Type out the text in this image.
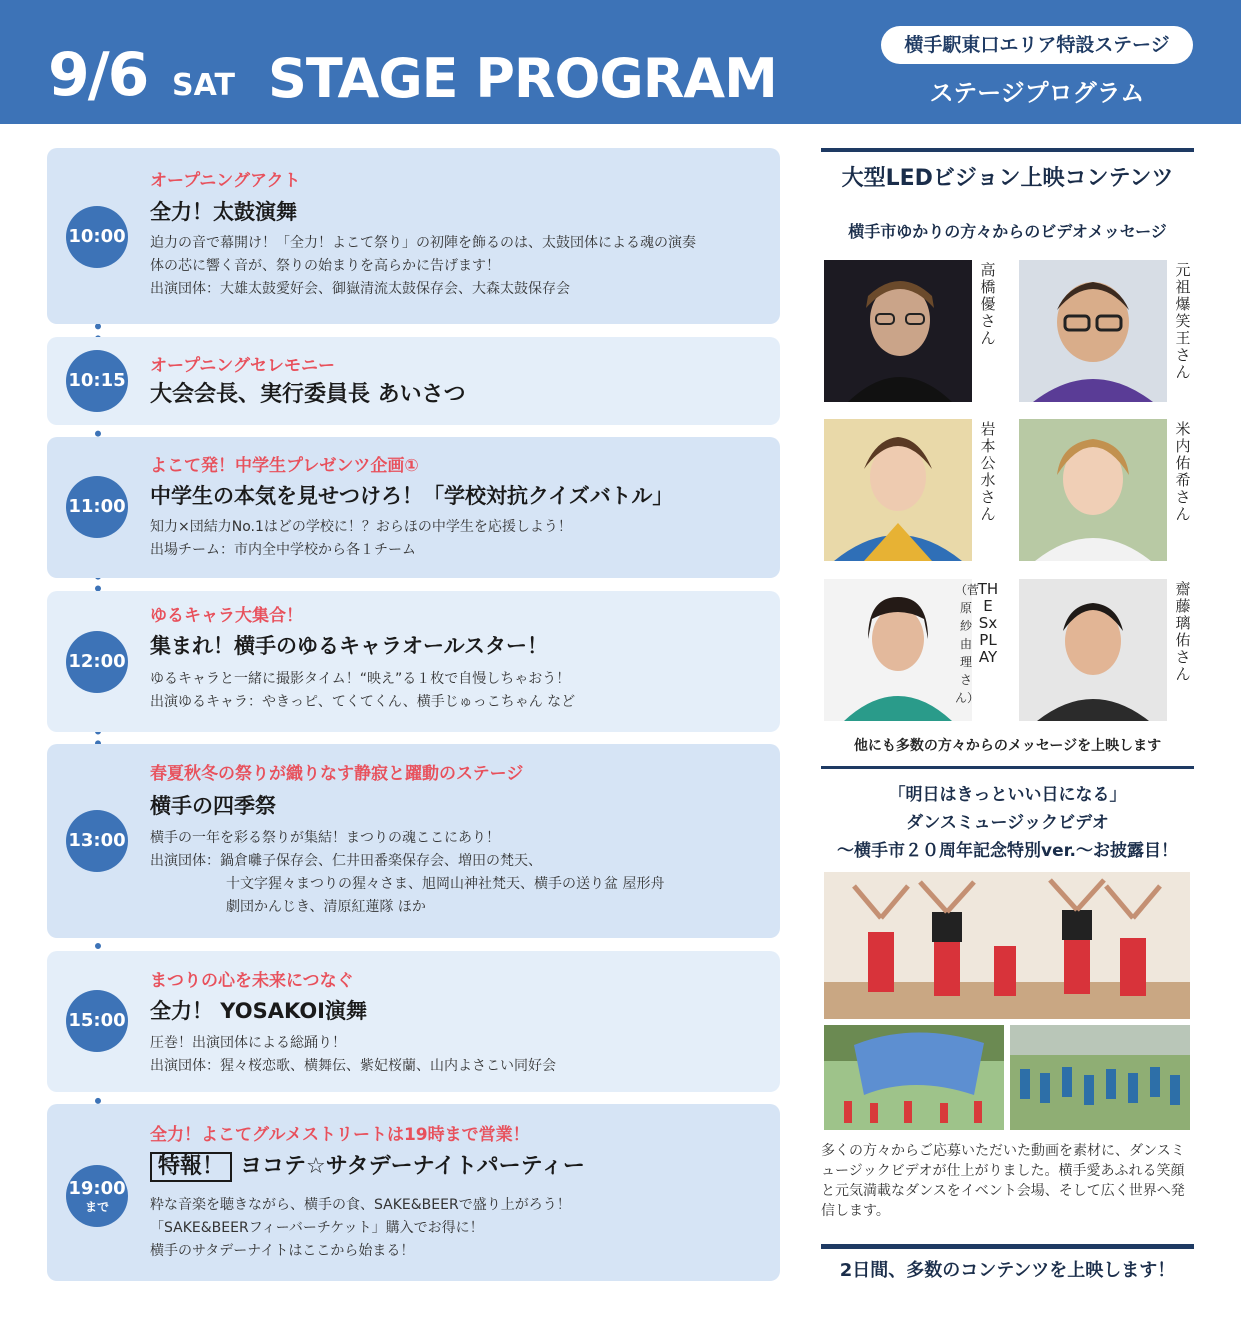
9/6 SAT STAGE PROGRAM
横手駅東口エリア特設ステージ
ステージプログラム
オープニングアクト
全力！太鼓演舞
迫力の音で幕開け！「全力！よこて祭り」の初陣を飾るのは、太鼓団体による魂の演奏
体の芯に響く音が、祭りの始まりを高らかに告げます！
出演団体：大雄太鼓愛好会、御嶽清流太鼓保存会、大森太鼓保存会
10:00
オープニングセレモニー
大会会長、実行委員長 あいさつ
10:15
よこて発！中学生プレゼンツ企画①
中学生の本気を見せつけろ！「学校対抗クイズバトル」
知力×団結力No.1はどの学校に！？おらほの中学生を応援しよう！
出場チーム：市内全中学校から各１チーム
11:00
ゆるキャラ大集合！
集まれ！横手のゆるキャラオールスター！
ゆるキャラと一緒に撮影タイム！“映え”る１枚で自慢しちゃおう！
出演ゆるキャラ：やきっピ、てくてくん、横手じゅっこちゃん など
12:00
春夏秋冬の祭りが織りなす静寂と躍動のステージ
横手の四季祭
横手の一年を彩る祭りが集結！まつりの魂ここにあり！
出演団体：鍋倉囃子保存会、仁井田番楽保存会、増田の梵天、
十文字猩々まつりの猩々さま、旭岡山神社梵天、横手の送り盆 屋形舟
劇団かんじき、清原紅蓮隊 ほか
13:00
まつりの心を未来につなぐ
全力！ YOSAKOI演舞
圧巻！出演団体による総踊り！
出演団体：猩々桜恋歌、横舞伝、紫妃桜蘭、山内よさこい同好会
15:00
全力！よこてグルメストリートは19時まで営業！
特報！ ヨコテ☆サタデーナイトパーティー
粋な音楽を聴きながら、横手の食、SAKE&BEERで盛り上がろう！
「SAKE&BEERフィーバーチケット」購入でお得に！
横手のサタデーナイトはここから始まる！
19:00
まで
大型LEDビジョン上映コンテンツ
横手市ゆかりの方々からのビデオメッセージ
高橋 優さん
元祖爆笑王さん
岩本 公水さん
米内 佑希さん
THE SxPLAY
（菅原 紗由理さん）
齋藤 璃佑さん
他にも多数の方々からのメッセージを上映します
「明日はきっといい日になる」
ダンスミュージックビデオ
～横手市２０周年記念特別ver.～お披露目！
多くの方々からご応募いただいた動画を素材に、ダンスミュージックビデオが仕上がりました。横手愛あふれる笑顔と元気満載なダンスをイベント会場、そして広く世界へ発信します。
2日間、多数のコンテンツを上映します！
